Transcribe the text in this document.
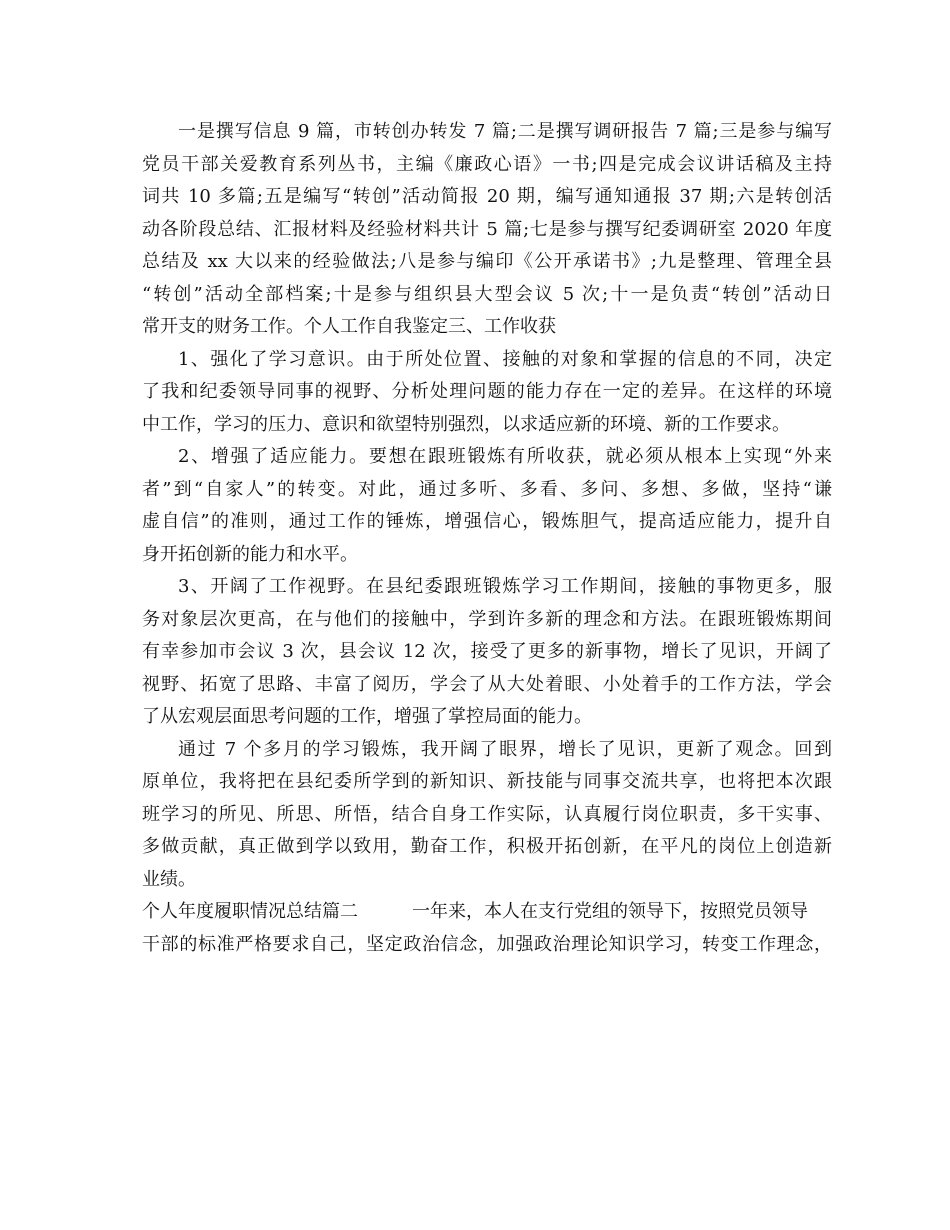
一是撰写信息 9 篇，市转创办转发 7 篇;二是撰写调研报告 7 篇;三是参与编写
党员干部关爱教育系列丛书，主编《廉政心语》一书;四是完成会议讲话稿及主持
词共 10 多篇;五是编写“转创”活动简报 20 期，编写通知通报 37 期;六是转创活
动各阶段总结、汇报材料及经验材料共计 5 篇;七是参与撰写纪委调研室 2020 年度
总结及 xx 大以来的经验做法;八是参与编印《公开承诺书》;九是整理、管理全县
“转创”活动全部档案;十是参与组织县大型会议 5 次;十一是负责“转创”活动日
常开支的财务工作。个人工作自我鉴定三、工作收获
1、强化了学习意识。由于所处位置、接触的对象和掌握的信息的不同，决定
了我和纪委领导同事的视野、分析处理问题的能力存在一定的差异。在这样的环境
中工作，学习的压力、意识和欲望特别强烈，以求适应新的环境、新的工作要求。
2、增强了适应能力。要想在跟班锻炼有所收获，就必须从根本上实现“外来
者”到“自家人”的转变。对此，通过多听、多看、多问、多想、多做，坚持“谦
虚自信”的准则，通过工作的锤炼，增强信心，锻炼胆气，提高适应能力，提升自
身开拓创新的能力和水平。
3、开阔了工作视野。在县纪委跟班锻炼学习工作期间，接触的事物更多，服
务对象层次更高，在与他们的接触中，学到许多新的理念和方法。在跟班锻炼期间
有幸参加市会议 3 次，县会议 12 次，接受了更多的新事物，增长了见识，开阔了
视野、拓宽了思路、丰富了阅历，学会了从大处着眼、小处着手的工作方法，学会
了从宏观层面思考问题的工作，增强了掌控局面的能力。
通过 7 个多月的学习锻炼，我开阔了眼界，增长了见识，更新了观念。回到
原单位，我将把在县纪委所学到的新知识、新技能与同事交流共享，也将把本次跟
班学习的所见、所思、所悟，结合自身工作实际，认真履行岗位职责，多干实事、
多做贡献，真正做到学以致用，勤奋工作，积极开拓创新，在平凡的岗位上创造新
业绩。
个人年度履职情况总结篇二	一年来，本人在支行党组的领导下，按照党员领导
干部的标准严格要求自己，坚定政治信念，加强政治理论知识学习，转变工作理念，
